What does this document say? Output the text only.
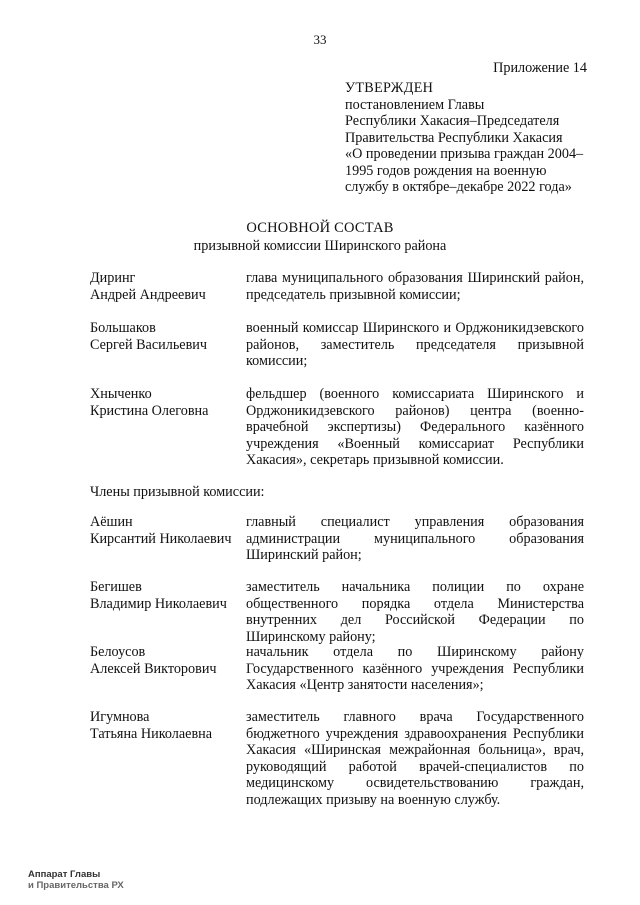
33
Приложение 14
УТВЕРЖДЕН
постановлением Главы
Республики Хакасия–Председателя
Правительства Республики Хакасия
«О проведении призыва граждан 2004–
1995 годов рождения на военную
службу в октябре–декабре 2022 года»
ОСНОВНОЙ СОСТАВ
призывной комиссии Ширинского района
Диринг
Андрей Андреевич
глава муниципального образования Ширинский район, председатель призывной комиссии;
Большаков
Сергей Васильевич
военный комиссар Ширинского и Орджоникидзевского районов, заместитель председателя призывной комиссии;
Хныченко
Кристина Олеговна
фельдшер (военного комиссариата Ширинского и Орджоникидзевского районов) центра (военно-врачебной экспертизы) Федерального казённого учреждения «Военный комиссариат Республики Хакасия», секретарь призывной комиссии.
Члены призывной комиссии:
Аёшин
Кирсантий Николаевич
главный специалист управления образования администрации муниципального образования Ширинский район;
Бегишев
Владимир Николаевич
заместитель начальника полиции по охране общественного порядка отдела Министерства внутренних дел Российской Федерации по Ширинскому району;
Белоусов
Алексей Викторович
начальник отдела по Ширинскому району Государственного казённого учреждения Республики Хакасия «Центр занятости населения»;
Игумнова
Татьяна Николаевна
заместитель главного врача Государственного бюджетного учреждения здравоохранения Республики Хакасия «Ширинская межрайонная больница», врач, руководящий работой врачей-специалистов по медицинскому освидетельствованию граждан, подлежащих призыву на военную службу.
Аппарат Главы
и Правительства РХ
